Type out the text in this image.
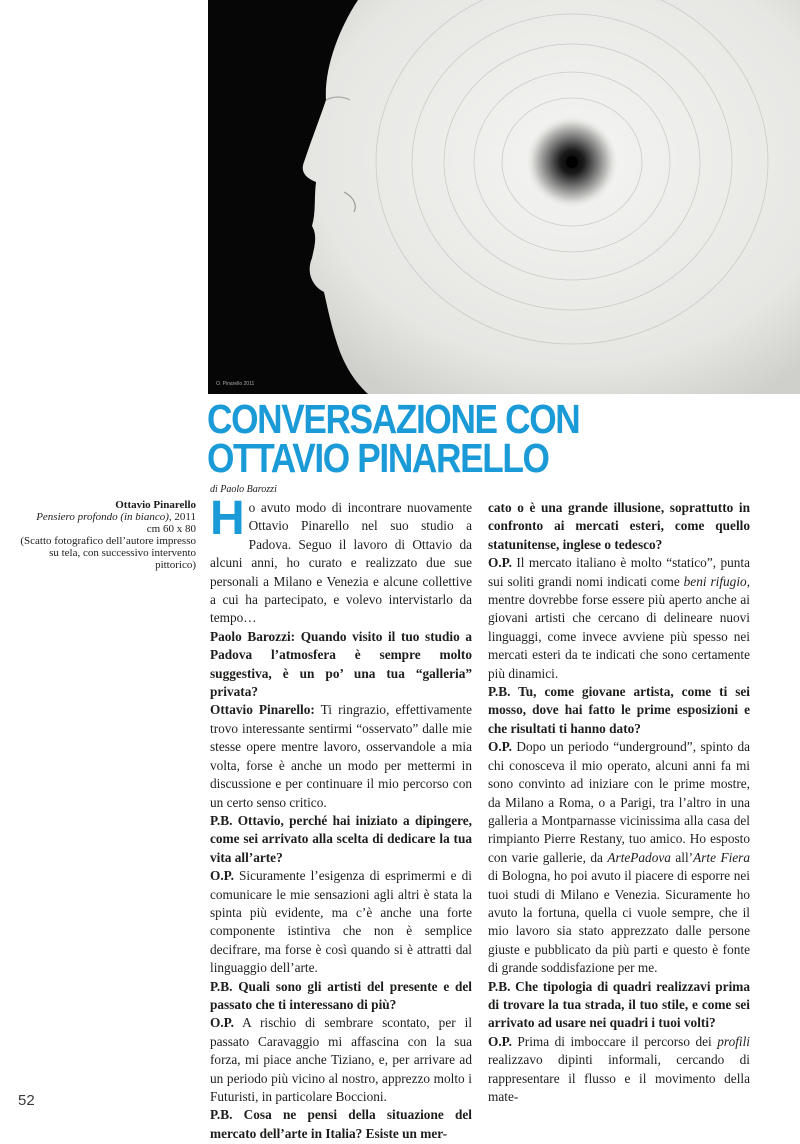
O. Pinarello 2011
CONVERSAZIONE CON
OTTAVIO PINARELLO
di Paolo Barozzi
Ottavio Pinarello
Pensiero profondo (in bianco), 2011
cm 60 x 80
(Scatto fotografico dell’autore impresso su tela, con successivo intervento pittorico)

Ho avuto modo di incontrare nuovamente Ottavio Pinarello nel suo studio a Padova. Seguo il lavoro di Ottavio da alcuni anni, ho curato e realizzato due sue personali a Milano e Venezia e alcune collettive a cui ha partecipato, e volevo intervistarlo da tempo…

Paolo Barozzi: Quando visito il tuo studio a Padova l’atmosfera è sempre molto suggestiva, è un po’ una tua “galleria” privata?

Ottavio Pinarello: Ti ringrazio, effettivamente trovo interessante sentirmi “osservato” dalle mie stesse opere mentre lavoro, osservandole a mia volta, forse è anche un modo per mettermi in discussione e per continuare il mio percorso con un certo senso critico.

P.B. Ottavio, perché hai iniziato a dipingere, come sei arrivato alla scelta di dedicare la tua vita all’arte?

O.P. Sicuramente l’esigenza di esprimermi e di comunicare le mie sensazioni agli altri è stata la spinta più evidente, ma c’è anche una forte componente istintiva che non è semplice decifrare, ma forse è così quando si è attratti dal linguaggio dell’arte.

P.B. Quali sono gli artisti del presente e del passato che ti interessano di più?

O.P. A rischio di sembrare scontato, per il passato Caravaggio mi affascina con la sua forza, mi piace anche Tiziano, e, per arrivare ad un periodo più vicino al nostro, apprezzo molto i Futuristi, in particolare Boccioni.

P.B. Cosa ne pensi della situazione del mercato dell’arte in Italia? Esiste un mer-

cato o è una grande illusione, soprattutto in confronto ai mercati esteri, come quello statunitense, inglese o tedesco?

O.P. Il mercato italiano è molto “statico”, punta sui soliti grandi nomi indicati come beni rifugio, mentre dovrebbe forse essere più aperto anche ai giovani artisti che cercano di delineare nuovi linguaggi, come invece avviene più spesso nei mercati esteri da te indicati che sono certamente più dinamici.

P.B. Tu, come giovane artista, come ti sei mosso, dove hai fatto le prime esposizioni e che risultati ti hanno dato?

O.P. Dopo un periodo “underground”, spinto da chi conosceva il mio operato, alcuni anni fa mi sono convinto ad iniziare con le prime mostre, da Milano a Roma, o a Parigi, tra l’altro in una galleria a Montparnasse vicinissima alla casa del rimpianto Pierre Restany, tuo amico. Ho esposto con varie gallerie, da ArtePadova all’Arte Fiera di Bologna, ho poi avuto il piacere di esporre nei tuoi studi di Milano e Venezia. Sicuramente ho avuto la fortuna, quella ci vuole sempre, che il mio lavoro sia stato apprezzato dalle persone giuste e pubblicato da più parti e questo è fonte di grande soddisfazione per me.

P.B. Che tipologia di quadri realizzavi prima di trovare la tua strada, il tuo stile, e come sei arrivato ad usare nei quadri i tuoi volti?

O.P. Prima di imboccare il percorso dei profili realizzavo dipinti informali, cercando di rappresentare il flusso e il movimento della mate-

52
